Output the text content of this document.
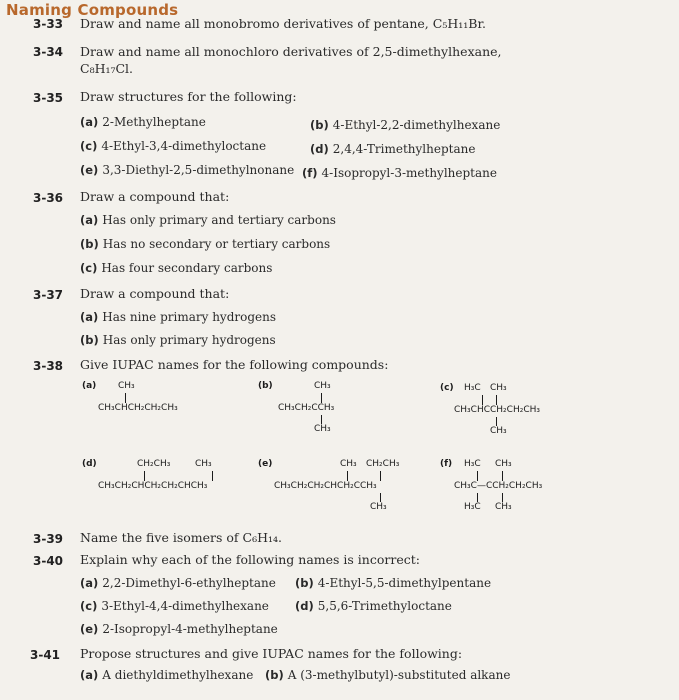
Naming Compounds
3-33 Draw and name all monobromo derivatives of pentane, C₅H₁₁Br.
3-34 Draw and name all monochloro derivatives of 2,5-dimethylhexane,
C₈H₁₇Cl.
3-35 Draw structures for the following:
(a) 2-Methylheptane	(b) 4-Ethyl-2,2-dimethylhexane
(c) 4-Ethyl-3,4-dimethyloctane	(d) 2,4,4-Trimethylheptane
(e) 3,3-Diethyl-2,5-dimethylnonane (f) 4-Isopropyl-3-methylheptane
3-36 Draw a compound that:
(a) Has only primary and tertiary carbons
(b) Has no secondary or tertiary carbons
(c) Has four secondary carbons
3-37 Draw a compound that:
(a) Has nine primary hydrogens
(b) Has only primary hydrogens
3-38 Give IUPAC names for the following compounds:
(a) CH₃
CH₃CHCH₂CH₂CH₃
(b)	CH₃
CH₃CH₂CCH₃
CH₃
(c) H₃C CH₃
CH₃CHCCH₂CH₂CH₃
CH₃
(d)	CH₂CH₃	CH₃
CH₃CH₂CHCH₂CH₂CHCH₃
(e)	CH₃ CH₂CH₃
CH₃CH₂CH₂CHCH₂CCH₃
CH₃
(f) H₃C CH₃
CH₃C—CCH₂CH₂CH₃
H₃C CH₃
3-39 Name the five isomers of C₆H₁₄.
3-40 Explain why each of the following names is incorrect:
(a) 2,2-Dimethyl-6-ethylheptane (b) 4-Ethyl-5,5-dimethylpentane
(c) 3-Ethyl-4,4-dimethylhexane (d) 5,5,6-Trimethyloctane
(e) 2-Isopropyl-4-methylheptane
3-41 Propose structures and give IUPAC names for the following:
(a) A diethyldimethylhexane (b) A (3-methylbutyl)-substituted alkane
